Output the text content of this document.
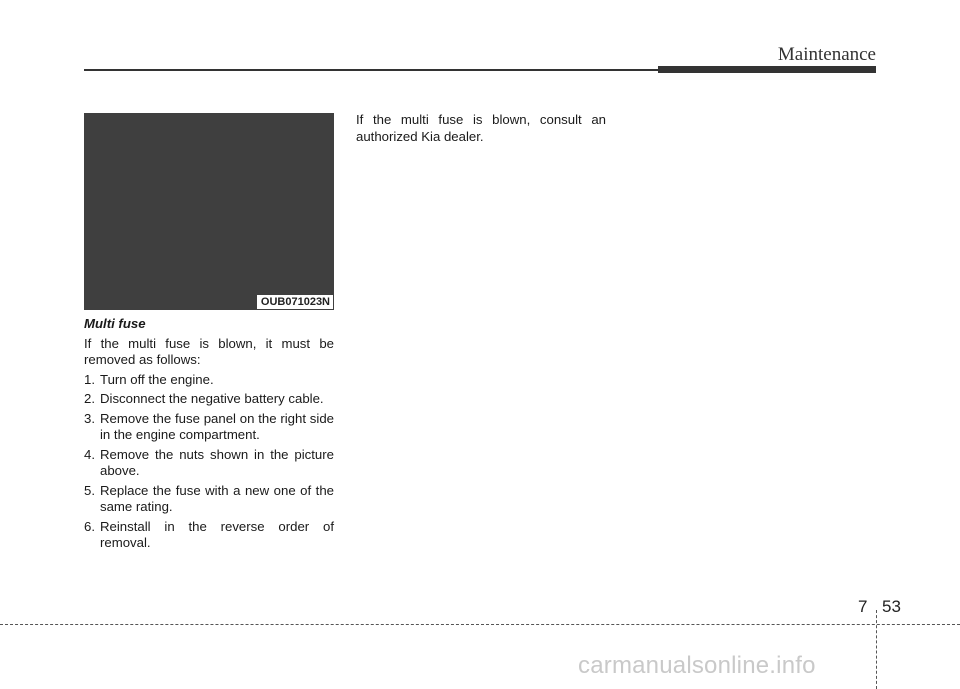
Maintenance
OUB071023N
Multi fuse
If the multi fuse is blown, it must be removed as follows:
1. Turn off the engine.
2. Disconnect the negative battery cable.
3. Remove the fuse panel on the right side in the engine compartment.
4. Remove the nuts shown in the picture above.
5. Replace the fuse with a new one of the same rating.
6. Reinstall in the reverse order of removal.
If the multi fuse is blown, consult an authorized Kia dealer.
7 53
carmanualsonline.info
